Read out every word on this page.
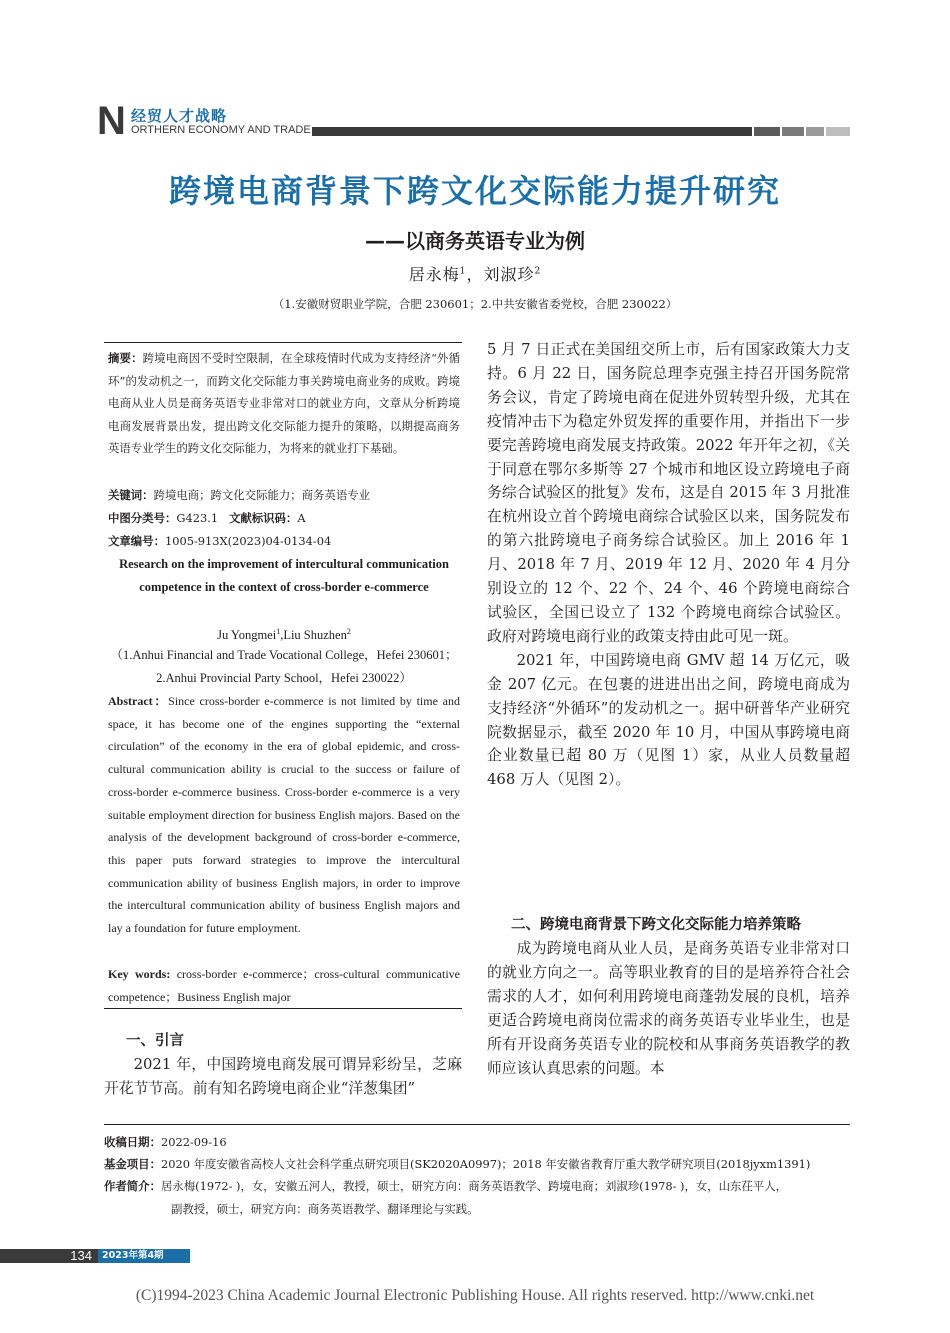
N 经贸人才战略
ORTHERN ECONOMY AND TRADE
跨境电商背景下跨文化交际能力提升研究
——以商务英语专业为例
居永梅$^1$，刘淑珍$^2$
（1.安徽财贸职业学院，合肥 230601；2.中共安徽省委党校，合肥 230022）
摘要：跨境电商因不受时空限制，在全球疫情时代成为支持经济“外循环”的发动机之一，而跨文化交际能力事关跨境电商业务的成败。跨境电商从业人员是商务英语专业非常对口的就业方向，文章从分析跨境电商发展背景出发，提出跨文化交际能力提升的策略，以期提高商务英语专业学生的跨文化交际能力，为将来的就业打下基础。
关键词：跨境电商；跨文化交际能力；商务英语专业
中图分类号：G423.1 文献标识码：A
文章编号：1005-913X(2023)04-0134-04
Research on the improvement of intercultural communication competence in the context of cross-border e-commerce
Ju Yongmei$^1$,Liu Shuzhen$^2$
（1.Anhui Financial and Trade Vocational College，Hefei 230601；2.Anhui Provincial Party School，Hefei 230022）
Abstract：Since cross-border e-commerce is not limited by time and space, it has become one of the engines supporting the “external circulation” of the economy in the era of global epidemic, and cross-cultural communication ability is crucial to the success or failure of cross-border e-commerce business. Cross-border e-commerce is a very suitable employment direction for business English majors. Based on the analysis of the development background of cross-border e-commerce, this paper puts forward strategies to improve the intercultural communication ability of business English majors, in order to improve the intercultural communication ability of business English majors and lay a foundation for future employment.
Key words: cross-border e-commerce；cross-cultural communicative competence；Business English major
一、引言

2021 年，中国跨境电商发展可谓异彩纷呈，芝麻开花节节高。前有知名跨境电商企业“洋葱集团”

5 月 7 日正式在美国纽交所上市，后有国家政策大力支持。6 月 22 日，国务院总理李克强主持召开国务院常务会议，肯定了跨境电商在促进外贸转型升级，尤其在疫情冲击下为稳定外贸发挥的重要作用，并指出下一步要完善跨境电商发展支持政策。2022 年开年之初，《关于同意在鄂尔多斯等 27 个城市和地区设立跨境电子商务综合试验区的批复》发布，这是自 2015 年 3 月批准在杭州设立首个跨境电商综合试验区以来，国务院发布的第六批跨境电子商务综合试验区。加上 2016 年 1 月、2018 年 7 月、2019 年 12 月、2020 年 4 月分别设立的 12 个、22 个、24 个、46 个跨境电商综合试验区，全国已设立了 132 个跨境电商综合试验区。政府对跨境电商行业的政策支持由此可见一斑。

2021 年，中国跨境电商 GMV 超 14 万亿元，吸金 207 亿元。在包裹的进进出出之间，跨境电商成为支持经济“外循环”的发动机之一。据中研普华产业研究院数据显示，截至 2020 年 10 月，中国从事跨境电商企业数量已超 80 万（见图 1）家，从业人员数量超 468 万人（见图 2）。

二、跨境电商背景下跨文化交际能力培养策略

成为跨境电商从业人员，是商务英语专业非常对口的就业方向之一。高等职业教育的目的是培养符合社会需求的人才，如何利用跨境电商蓬勃发展的良机，培养更适合跨境电商岗位需求的商务英语专业毕业生，也是所有开设商务英语专业的院校和从事商务英语教学的教师应该认真思索的问题。本

收稿日期：2022-09-16
基金项目：2020 年度安徽省高校人文社会科学重点研究项目(SK2020A0997)；2018 年安徽省教育厅重大教学研究项目(2018jyxm1391)
作者简介：居永梅(1972- )，女，安徽五河人，教授，硕士，研究方向：商务英语教学、跨境电商；刘淑珍(1978- )，女，山东茌平人，
副教授，硕士，研究方向：商务英语教学、翻译理论与实践。
134	2023年第4期
(C)1994-2023 China Academic Journal Electronic Publishing House. All rights reserved. http://www.cnki.net
